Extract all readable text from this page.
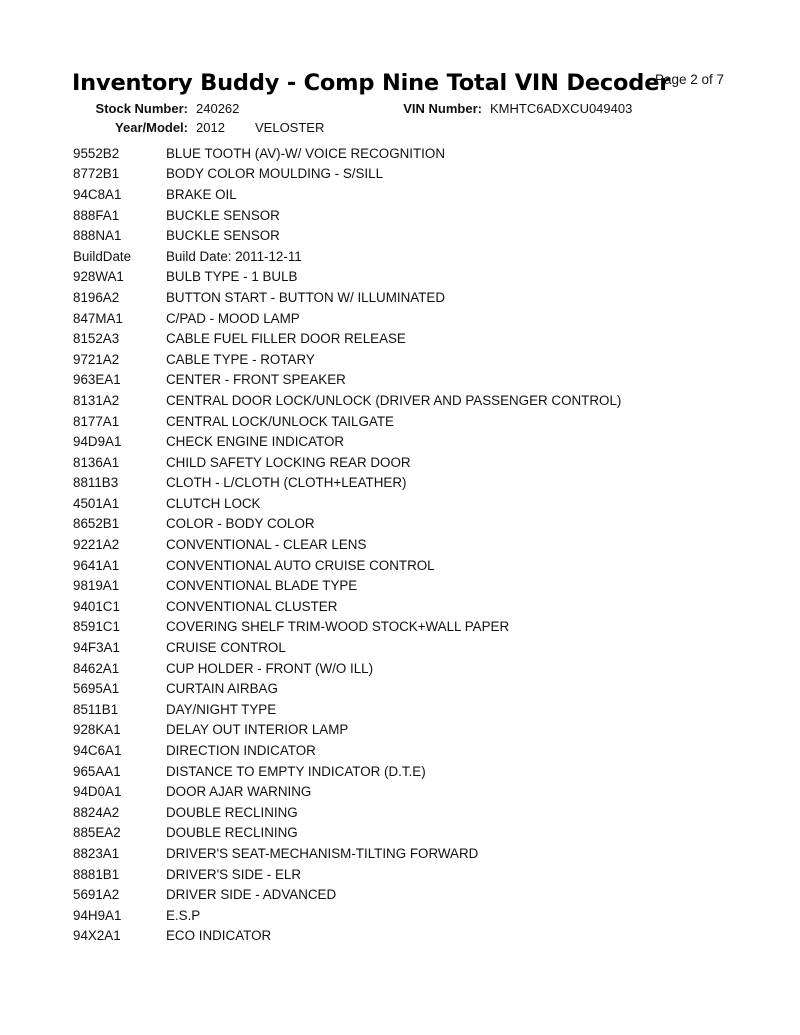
Inventory Buddy - Comp Nine Total VIN Decoder
Page 2 of 7
Stock Number: 240262	VIN Number: KMHTC6ADXCU049403
Year/Model: 2012 VELOSTER
9552B2	BLUE TOOTH (AV)-W/ VOICE RECOGNITION
8772B1	BODY COLOR MOULDING - S/SILL
94C8A1	BRAKE OIL
888FA1	BUCKLE SENSOR
888NA1	BUCKLE SENSOR
BuildDate	Build Date: 2011-12-11
928WA1	BULB TYPE - 1 BULB
8196A2	BUTTON START - BUTTON W/ ILLUMINATED
847MA1	C/PAD - MOOD LAMP
8152A3	CABLE FUEL FILLER DOOR RELEASE
9721A2	CABLE TYPE - ROTARY
963EA1	CENTER - FRONT SPEAKER
8131A2	CENTRAL DOOR LOCK/UNLOCK (DRIVER AND PASSENGER CONTROL)
8177A1	CENTRAL LOCK/UNLOCK TAILGATE
94D9A1	CHECK ENGINE INDICATOR
8136A1	CHILD SAFETY LOCKING REAR DOOR
8811B3	CLOTH - L/CLOTH (CLOTH+LEATHER)
4501A1	CLUTCH LOCK
8652B1	COLOR - BODY COLOR
9221A2	CONVENTIONAL - CLEAR LENS
9641A1	CONVENTIONAL AUTO CRUISE CONTROL
9819A1	CONVENTIONAL BLADE TYPE
9401C1	CONVENTIONAL CLUSTER
8591C1	COVERING SHELF TRIM-WOOD STOCK+WALL PAPER
94F3A1	CRUISE CONTROL
8462A1	CUP HOLDER - FRONT (W/O ILL)
5695A1	CURTAIN AIRBAG
8511B1	DAY/NIGHT TYPE
928KA1	DELAY OUT INTERIOR LAMP
94C6A1	DIRECTION INDICATOR
965AA1	DISTANCE TO EMPTY INDICATOR (D.T.E)
94D0A1	DOOR AJAR WARNING
8824A2	DOUBLE RECLINING
885EA2	DOUBLE RECLINING
8823A1	DRIVER'S SEAT-MECHANISM-TILTING FORWARD
8881B1	DRIVER'S SIDE - ELR
5691A2	DRIVER SIDE - ADVANCED
94H9A1	E.S.P
94X2A1	ECO INDICATOR
